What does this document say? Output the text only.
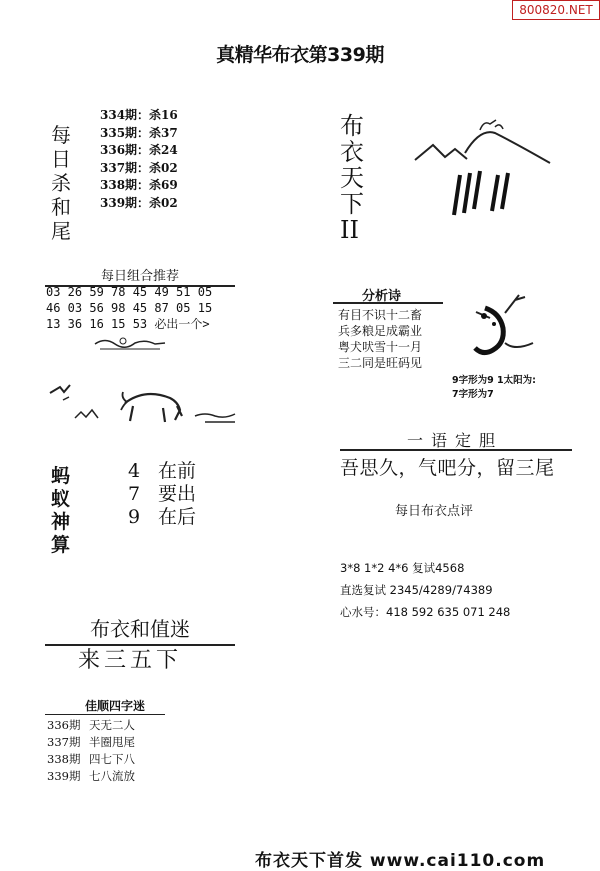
800820.NET
真精华布衣第339期
每
日
杀
和
尾
334期：杀16
335期：杀37
336期：杀24
337期：杀02
338期：杀69
339期：杀02
每日组合推荐
03 26 59 78 45 49 51 05
46 03 56 98 45 87 05 15
13 36 16 15 53 必出一个>
蚂
蚁
神
算
4 在前
7 要出
9 在后
布衣和值迷
来三五下
佳顺四字迷
336期 天无二人
337期 半圈甩尾
338期 四七下八
339期 七八流放
布
衣
天
下
II
分析诗
有目不识十二畜
兵多粮足成霸业
粤犬吠雪十一月
三二同是旺码见
9字形为9 1太阳为:
7字形为7
一语定胆
吾思久，气吧分，留三尾
每日布衣点评
3*8 1*2 4*6 复试4568
直选复试 2345/4289/74389
心水号：418 592 635 071 248
布衣天下首发 www.cai110.com
